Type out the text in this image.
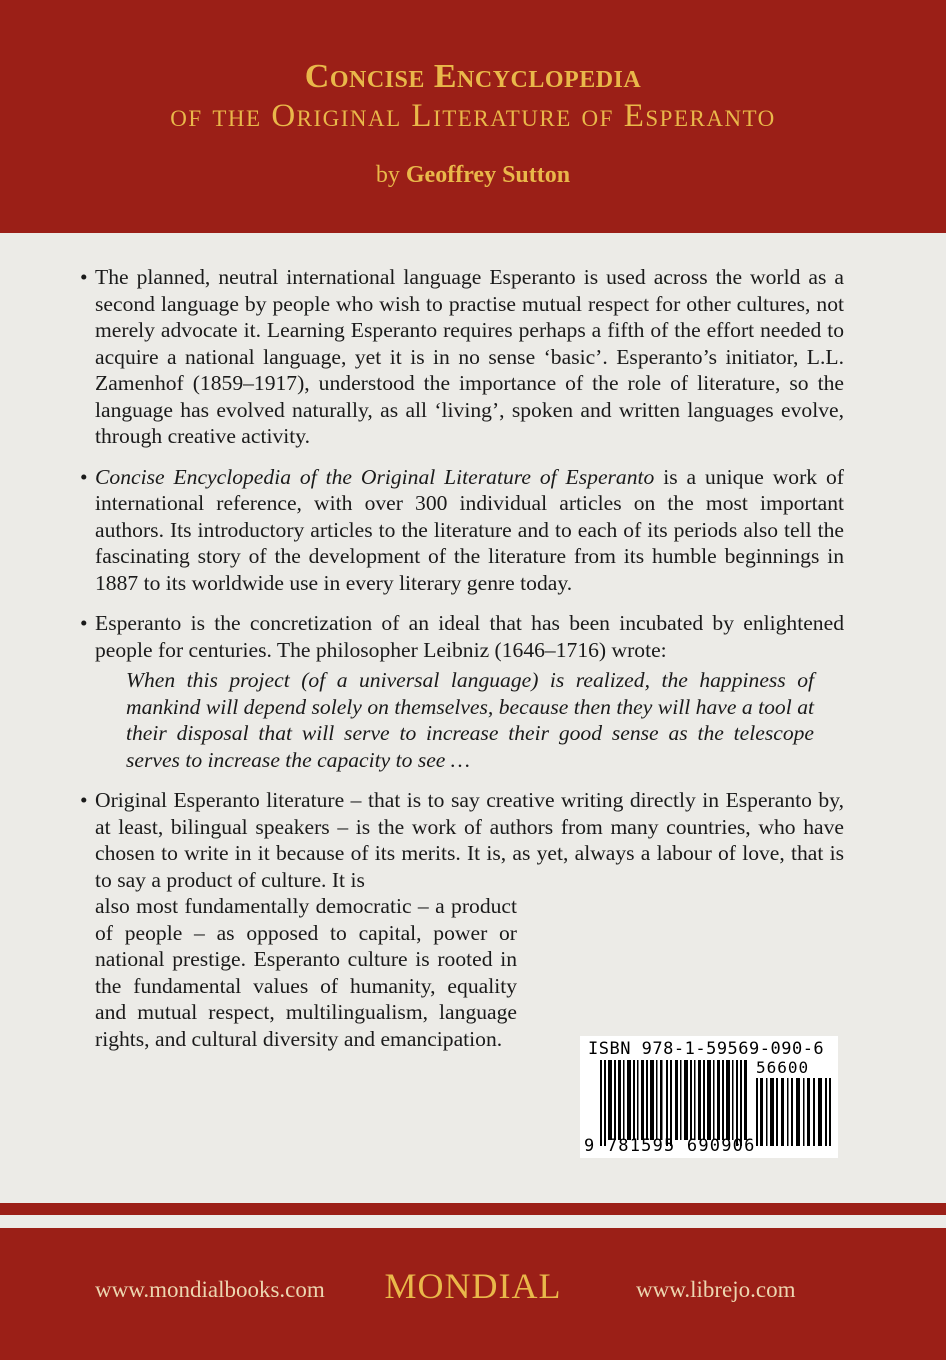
Concise Encyclopedia
of the Original Literature of Esperanto
by Geoffrey Sutton

• The planned, neutral international language Esperanto is used across the world as a second language by people who wish to practise mutual respect for other cultures, not merely advocate it. Learning Esperanto requires perhaps a fifth of the effort needed to acquire a national language, yet it is in no sense ‘basic’. Esperanto’s initiator, L.L. Zamenhof (1859–1917), understood the importance of the role of literature, so the language has evolved naturally, as all ‘living’, spoken and written languages evolve, through creative activity.

• Concise Encyclopedia of the Original Literature of Esperanto is a unique work of international reference, with over 300 individual articles on the most important authors. Its introductory articles to the literature and to each of its periods also tell the fascinating story of the development of the literature from its humble beginnings in 1887 to its worldwide use in every literary genre today.

• Esperanto is the concretization of an ideal that has been incubated by enlightened people for centuries. The philosopher Leibniz (1646–1716) wrote:

When this project (of a universal language) is realized, the happiness of mankind will depend solely on themselves, because then they will have a tool at their disposal that will serve to increase their good sense as the telescope serves to increase the capacity to see …

• Original Esperanto literature – that is to say creative writing directly in Esperanto by, at least, bilingual speakers – is the work of authors from many countries, who have chosen to write in it because of its merits. It is, as yet, always a labour of love, that is to say a product of culture. It is
also most fundamentally democratic – a product of people – as opposed to capital, power or national prestige. Esperanto culture is rooted in the fundamental values of humanity, equality and mutual respect, multilingualism, language rights, and cultural diversity and emancipation.	ISBN 978-1-59569-090-6
56600
9 781595 690906
www.mondialbooks.com	MONDIAL	www.librejo.com
